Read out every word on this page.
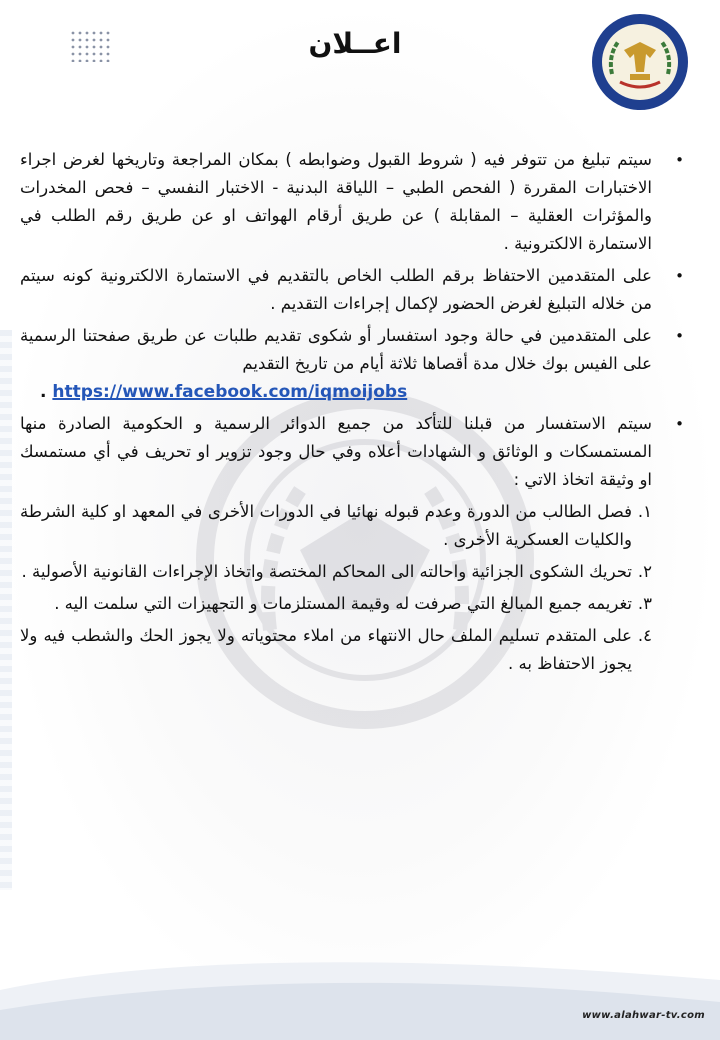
اعــلان
•
سيتم تبليغ من تتوفر فيه ( شروط القبول وضوابطه ) بمكان المراجعة وتاريخها لغرض اجراء الاختبارات المقررة ( الفحص الطبي – اللياقة البدنية - الاختبار النفسي – فحص المخدرات والمؤثرات العقلية – المقابلة ) عن طريق أرقام الهواتف او عن طريق رقم الطلب في الاستمارة الالكترونية .
•
على المتقدمين الاحتفاظ برقم الطلب الخاص بالتقديم في الاستمارة الالكترونية كونه سيتم من خلاله التبليغ لغرض الحضور لإكمال إجراءات التقديم .
•
على المتقدمين في حالة وجود استفسار أو شكوى تقديم طلبات عن طريق صفحتنا الرسمية على الفيس بوك خلال مدة أقصاها ثلاثة أيام من تاريخ التقديم
. https://www.facebook.com/iqmoijobs
•
سيتم الاستفسار من قبلنا للتأكد من جميع الدوائر الرسمية و الحكومية الصادرة منها المستمسكات و الوثائق و الشهادات أعلاه وفي حال وجود تزوير او تحريف في أي مستمسك او وثيقة اتخاذ الاتي :
١.
فصل الطالب من الدورة وعدم قبوله نهائيا في الدورات الأخرى في المعهد او كلية الشرطة والكليات العسكرية الأخرى .
٢.
تحريك الشكوى الجزائية واحالته الى المحاكم المختصة واتخاذ الإجراءات القانونية الأصولية .
٣.
تغريمه جميع المبالغ التي صرفت له وقيمة المستلزمات و التجهيزات التي سلمت اليه .
٤.
على المتقدم تسليم الملف حال الانتهاء من املاء محتوياته ولا يجوز الحك والشطب فيه ولا يجوز الاحتفاظ به .
www.alahwar-tv.com
